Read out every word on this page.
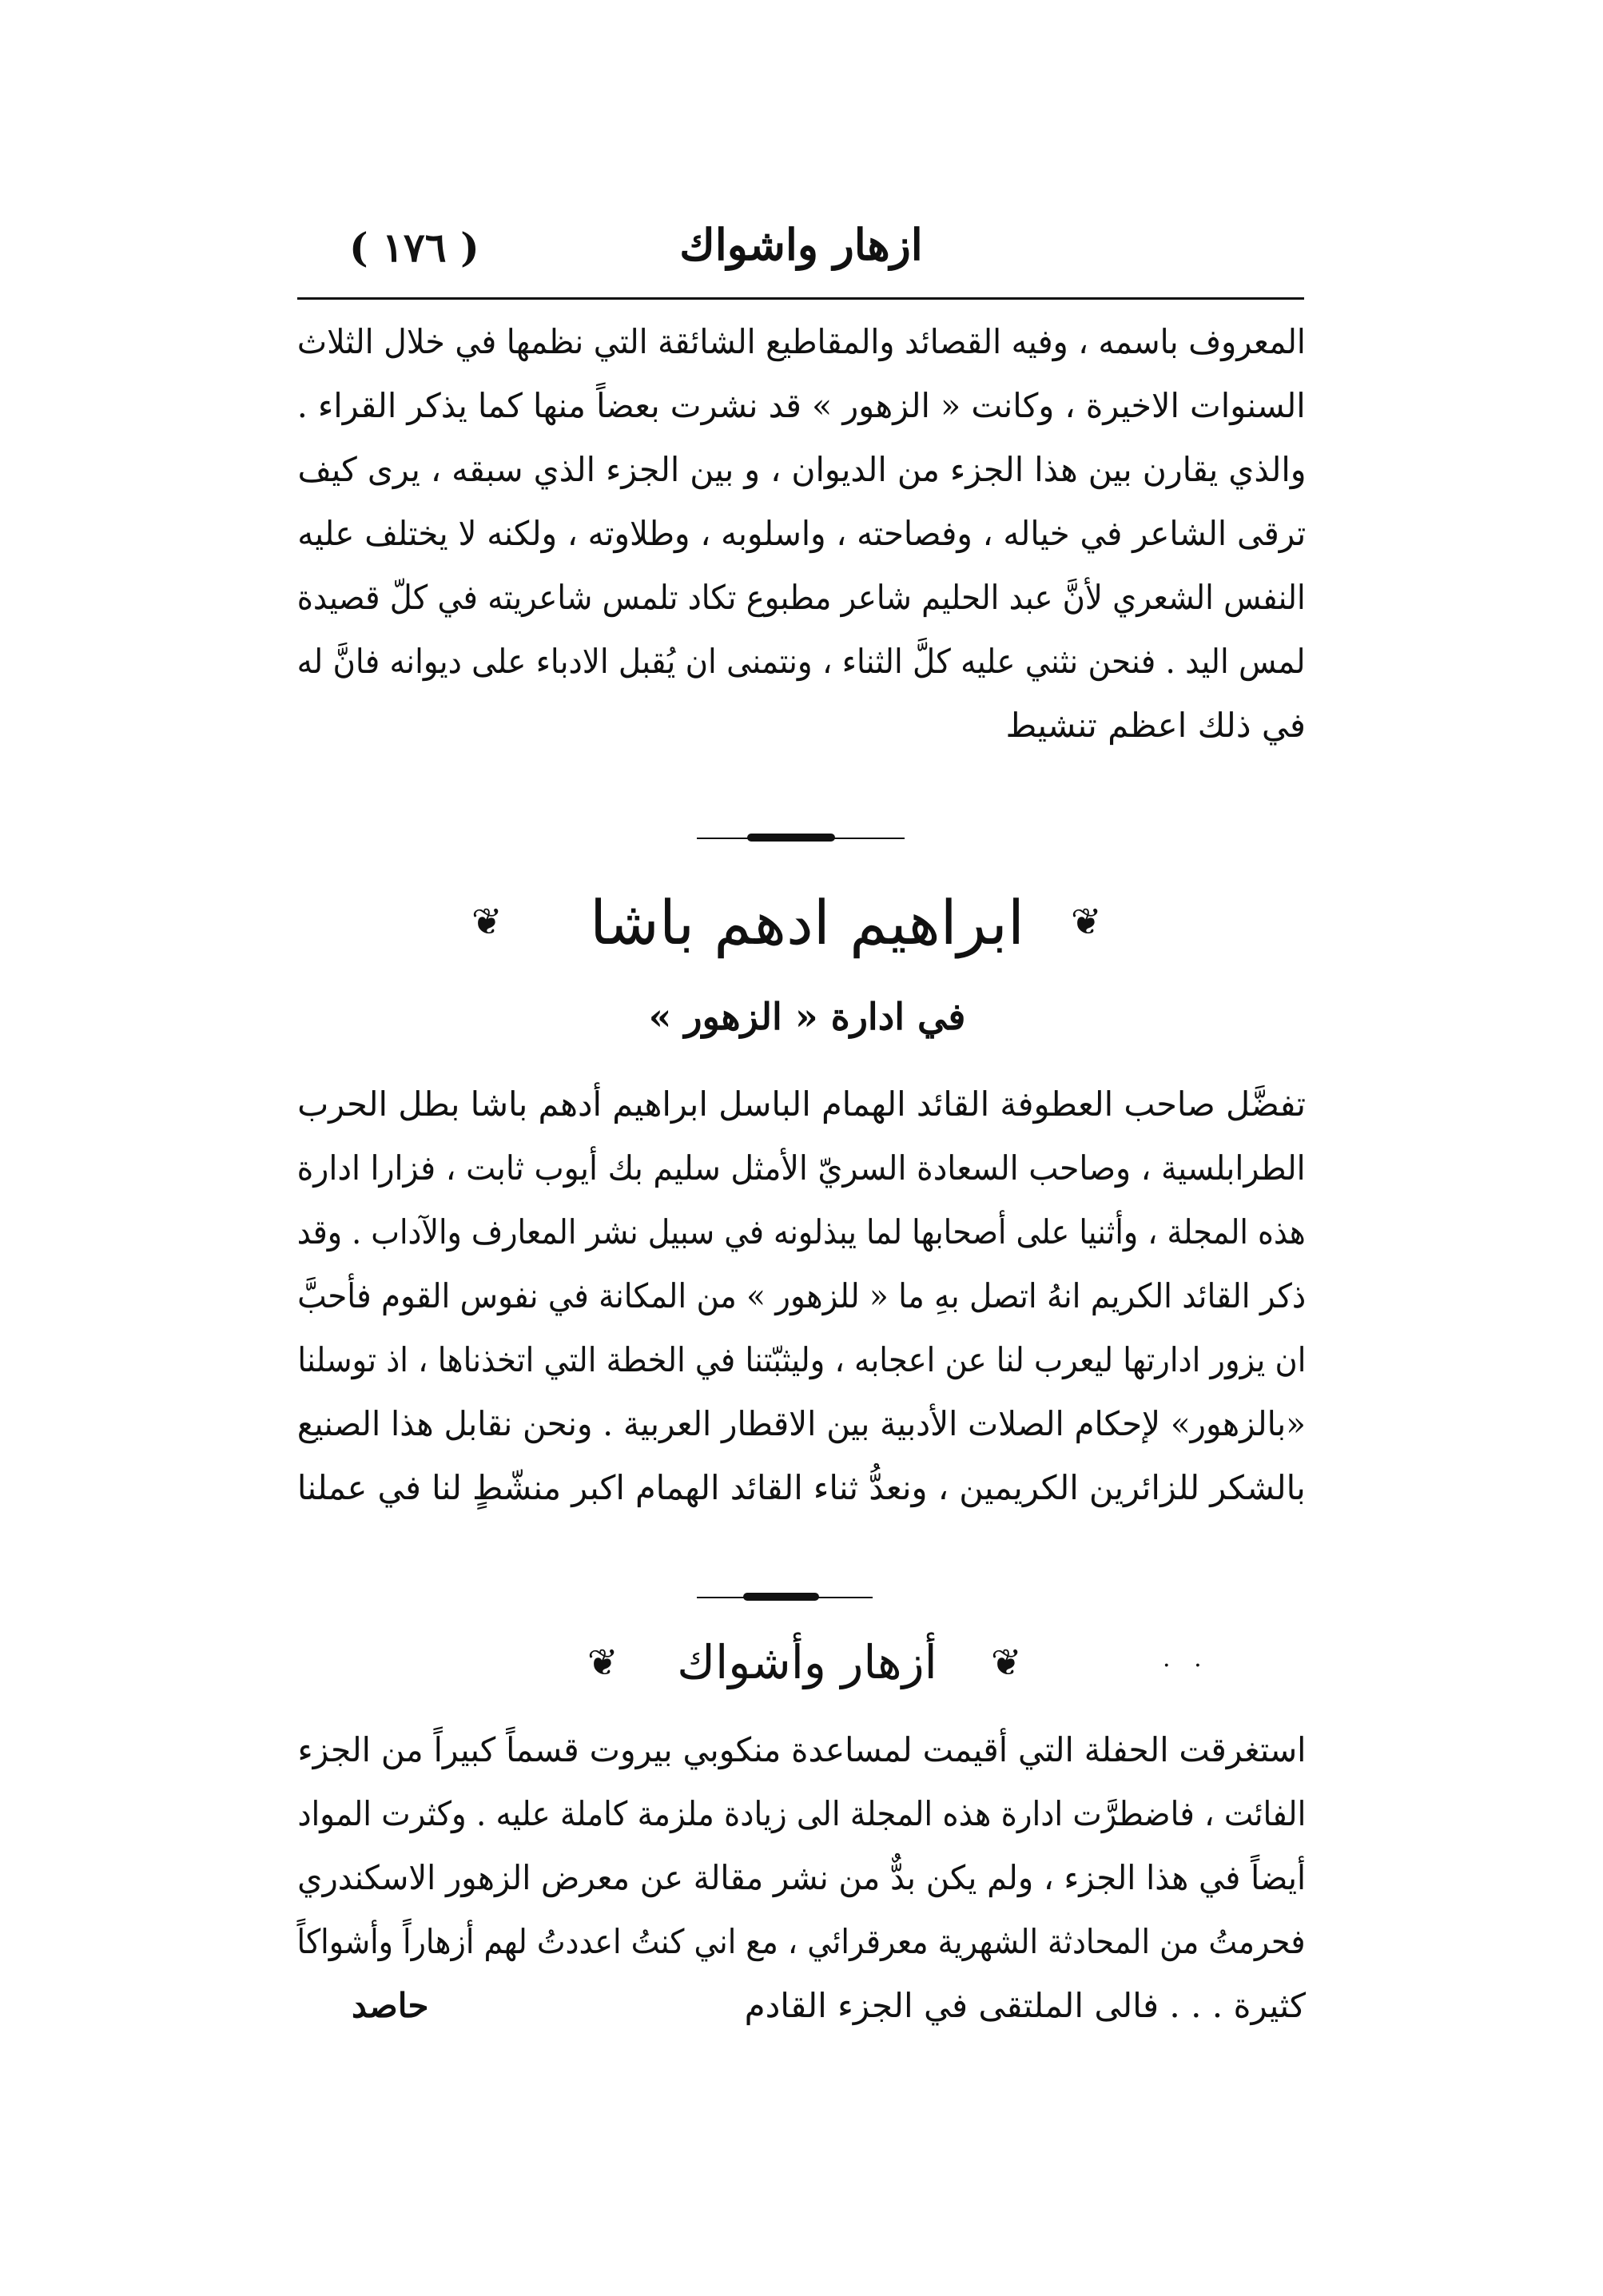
ازهار واشواك
( ١٧٦ )

المعروف باسمه ، وفيه القصائد والمقاطيع الشائقة التي نظمها في خلال الثلاث

السنوات الاخيرة ، وكانت « الزهور » قد نشرت بعضاً منها كما يذكر القراء .

والذي يقارن بين هذا الجزء من الديوان ، و بين الجزء الذي سبقه ، يرى كيف

ترقى الشاعر في خياله ، وفصاحته ، واسلوبه ، وطلاوته ، ولكنه لا يختلف عليه

النفس الشعري لأنَّ عبد الحليم شاعر مطبوع تكاد تلمس شاعريته في كلّ قصيدة

لمس اليد . فنحن نثني عليه كلَّ الثناء ، ونتمنى ان يُقبل الادباء على ديوانه فانَّ له

في ذلك اعظم تنشيط

❦	ابراهيم ادهم باشا	❦
في ادارة « الزهور »

تفضَّل صاحب العطوفة القائد الهمام الباسل ابراهيم أدهم باشا بطل الحرب

الطرابلسية ، وصاحب السعادة السريّ الأمثل سليم بك أيوب ثابت ، فزارا ادارة

هذه المجلة ، وأثنيا على أصحابها لما يبذلونه في سبيل نشر المعارف والآداب . وقد

ذكر القائد الكريم انهُ اتصل بهِ ما « للزهور » من المكانة في نفوس القوم فأحبَّ

ان يزور ادارتها ليعرب لنا عن اعجابه ، وليثبّتنا في الخطة التي اتخذناها ، اذ توسلنا

«بالزهور» لإحكام الصلات الأدبية بين الاقطار العربية . ونحن نقابل هذا الصنيع

بالشكر للزائرين الكريمين ، ونعدُّ ثناء القائد الهمام اكبر منشّطٍ لنا في عملنا

❦	أزهار وأشواك	❦	. .

استغرقت الحفلة التي أقيمت لمساعدة منكوبي بيروت قسماً كبيراً من الجزء

الفائت ، فاضطرَّت ادارة هذه المجلة الى زيادة ملزمة كاملة عليه . وكثرت المواد

أيضاً في هذا الجزء ، ولم يكن بدٌّ من نشر مقالة عن معرض الزهور الاسكندري

فحرمتُ من المحادثة الشهرية معرقرائي ، مع اني كنتُ اعددتُ لهم أزهاراً وأشواكاً

كثيرة . . . فالى الملتقى في الجزء القادم

حاصد
